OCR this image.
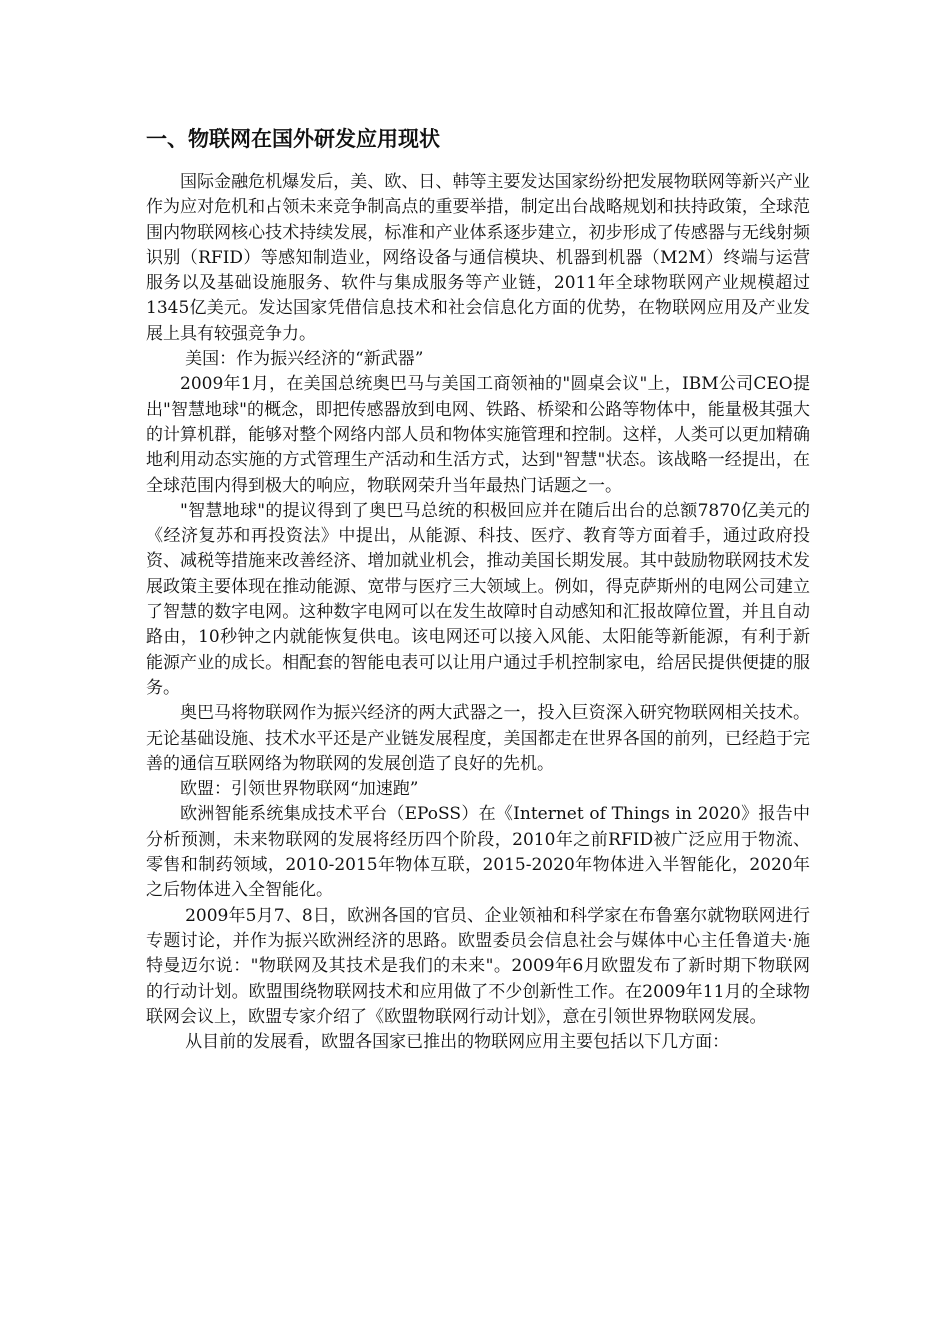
一、物联网在国外研发应用现状

国际金融危机爆发后，美、欧、日、韩等主要发达国家纷纷把发展物联网等新兴产业作为应对危机和占领未来竞争制高点的重要举措，制定出台战略规划和扶持政策，全球范围内物联网核心技术持续发展，标准和产业体系逐步建立，初步形成了传感器与无线射频识别（RFID）等感知制造业，网络设备与通信模块、机器到机器（M2M）终端与运营服务以及基础设施服务、软件与集成服务等产业链，2011年全球物联网产业规模超过1345亿美元。发达国家凭借信息技术和社会信息化方面的优势，在物联网应用及产业发展上具有较强竞争力。

美国：作为振兴经济的“新武器”

2009年1月，在美国总统奥巴马与美国工商领袖的"圆桌会议"上，IBM公司CEO提出"智慧地球"的概念，即把传感器放到电网、铁路、桥梁和公路等物体中，能量极其强大的计算机群，能够对整个网络内部人员和物体实施管理和控制。这样，人类可以更加精确地利用动态实施的方式管理生产活动和生活方式，达到"智慧"状态。该战略一经提出，在全球范围内得到极大的响应，物联网荣升当年最热门话题之一。

"智慧地球"的提议得到了奥巴马总统的积极回应并在随后出台的总额7870亿美元的《经济复苏和再投资法》中提出，从能源、科技、医疗、教育等方面着手，通过政府投资、减税等措施来改善经济、增加就业机会，推动美国长期发展。其中鼓励物联网技术发展政策主要体现在推动能源、宽带与医疗三大领域上。例如，得克萨斯州的电网公司建立了智慧的数字电网。这种数字电网可以在发生故障时自动感知和汇报故障位置，并且自动路由，10秒钟之内就能恢复供电。该电网还可以接入风能、太阳能等新能源，有利于新能源产业的成长。相配套的智能电表可以让用户通过手机控制家电，给居民提供便捷的服务。

奥巴马将物联网作为振兴经济的两大武器之一，投入巨资深入研究物联网相关技术。无论基础设施、技术水平还是产业链发展程度，美国都走在世界各国的前列，已经趋于完善的通信互联网络为物联网的发展创造了良好的先机。

欧盟：引领世界物联网“加速跑”

欧洲智能系统集成技术平台（EPoSS）在《Internet of Things in 2020》报告中分析预测，未来物联网的发展将经历四个阶段，2010年之前RFID被广泛应用于物流、零售和制药领域，2010-2015年物体互联，2015-2020年物体进入半智能化，2020年之后物体进入全智能化。

2009年5月7、8日，欧洲各国的官员、企业领袖和科学家在布鲁塞尔就物联网进行专题讨论，并作为振兴欧洲经济的思路。欧盟委员会信息社会与媒体中心主任鲁道夫·施特曼迈尔说："物联网及其技术是我们的未来"。2009年6月欧盟发布了新时期下物联网的行动计划。欧盟围绕物联网技术和应用做了不少创新性工作。在2009年11月的全球物联网会议上，欧盟专家介绍了《欧盟物联网行动计划》，意在引领世界物联网发展。

从目前的发展看，欧盟各国家已推出的物联网应用主要包括以下几方面：
